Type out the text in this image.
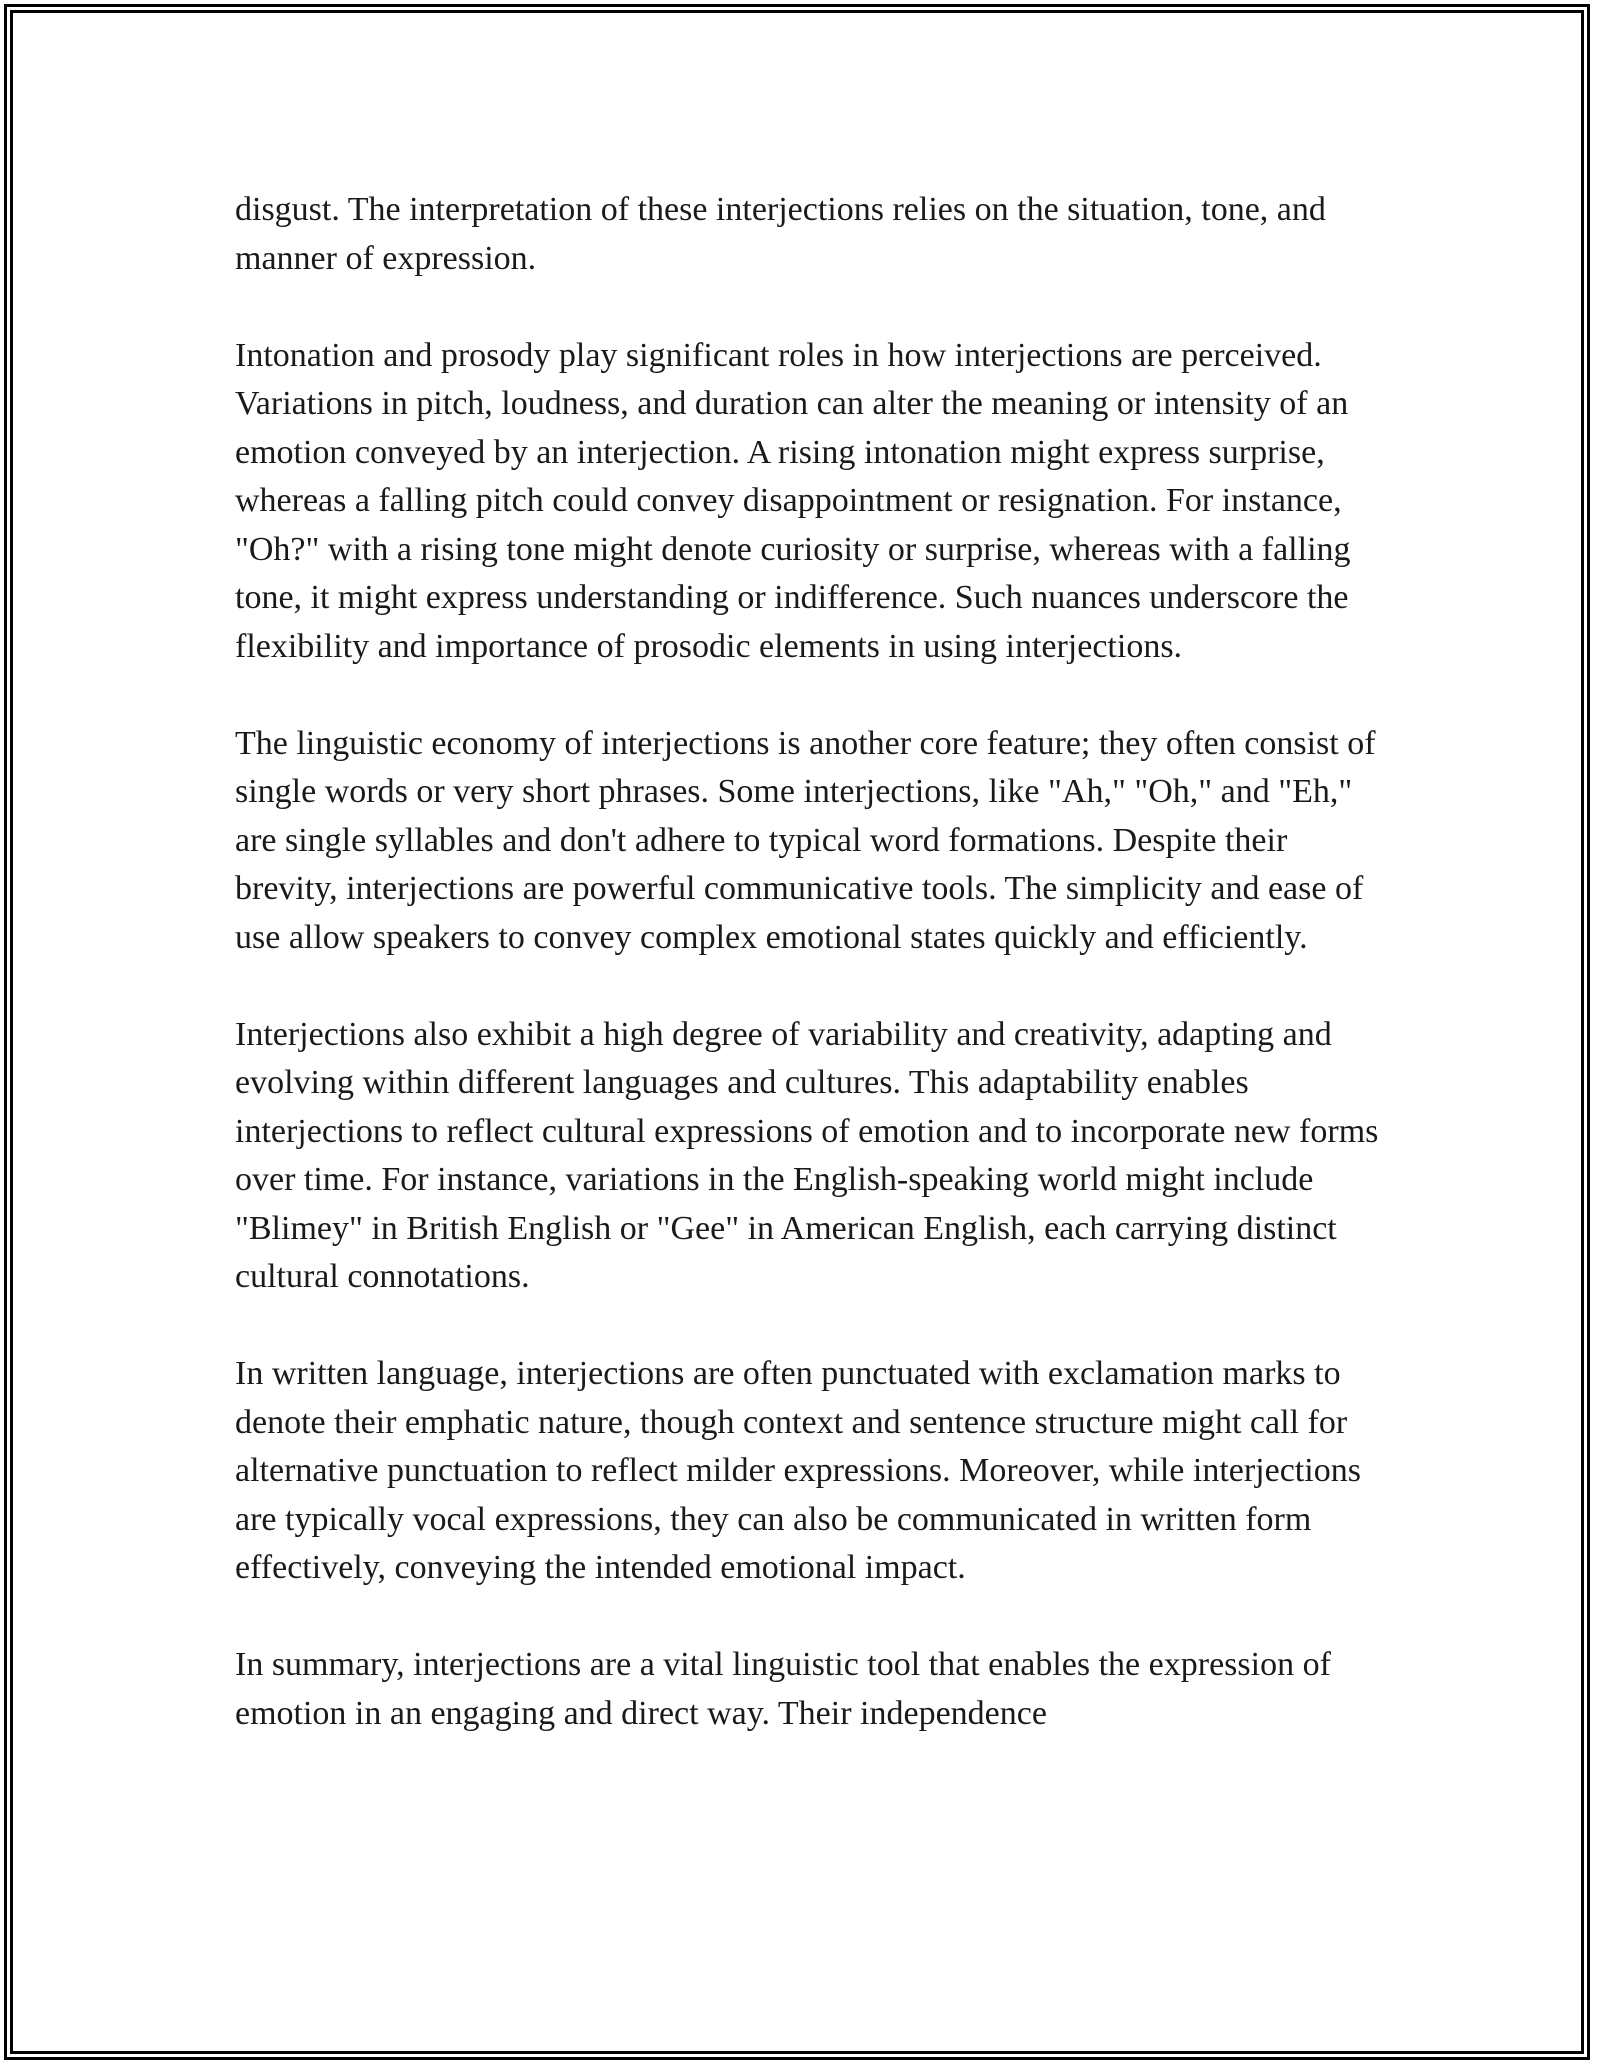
disgust. The interpretation of these interjections relies on the situation, tone, and manner of expression.

Intonation and prosody play significant roles in how interjections are perceived. Variations in pitch, loudness, and duration can alter the meaning or intensity of an emotion conveyed by an interjection. A rising intonation might express surprise, whereas a falling pitch could convey disappointment or resignation. For instance, "Oh?" with a rising tone might denote curiosity or surprise, whereas with a falling tone, it might express understanding or indifference. Such nuances underscore the flexibility and importance of prosodic elements in using interjections.

The linguistic economy of interjections is another core feature; they often consist of single words or very short phrases. Some interjections, like "Ah," "Oh," and "Eh," are single syllables and don't adhere to typical word formations. Despite their brevity, interjections are powerful communicative tools. The simplicity and ease of use allow speakers to convey complex emotional states quickly and efficiently.

Interjections also exhibit a high degree of variability and creativity, adapting and evolving within different languages and cultures. This adaptability enables interjections to reflect cultural expressions of emotion and to incorporate new forms over time. For instance, variations in the English-speaking world might include "Blimey" in British English or "Gee" in American English, each carrying distinct cultural connotations.

In written language, interjections are often punctuated with exclamation marks to denote their emphatic nature, though context and sentence structure might call for alternative punctuation to reflect milder expressions. Moreover, while interjections are typically vocal expressions, they can also be communicated in written form effectively, conveying the intended emotional impact.

In summary, interjections are a vital linguistic tool that enables the expression of emotion in an engaging and direct way. Their independence
